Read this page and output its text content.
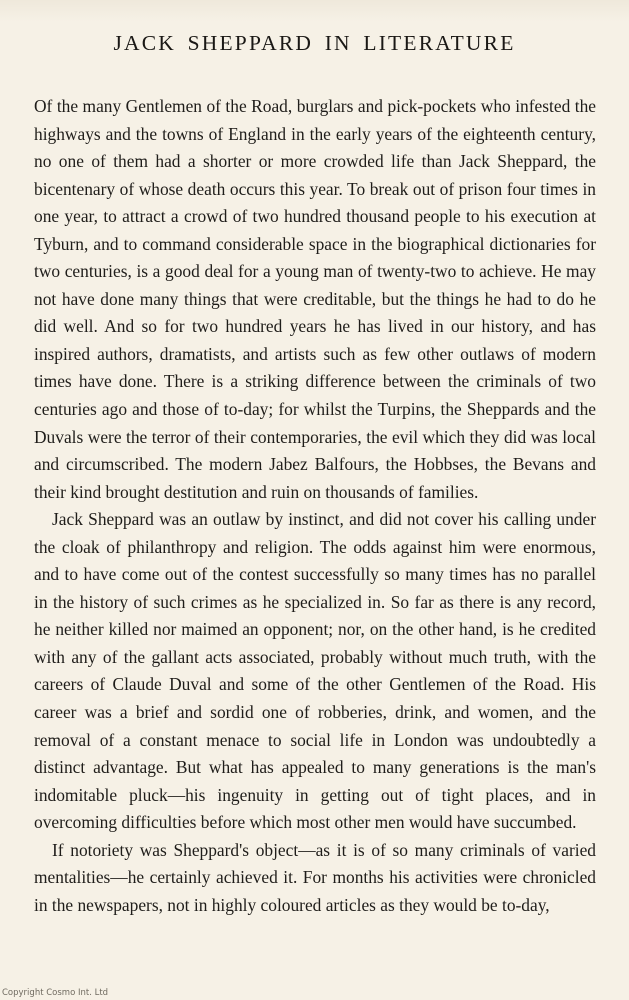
JACK SHEPPARD IN LITERATURE

Of the many Gentlemen of the Road, burglars and pick-pockets who infested the highways and the towns of England in the early years of the eighteenth century, no one of them had a shorter or more crowded life than Jack Sheppard, the bicentenary of whose death occurs this year. To break out of prison four times in one year, to attract a crowd of two hundred thousand people to his execution at Tyburn, and to command considerable space in the biographical dictionaries for two centuries, is a good deal for a young man of twenty-two to achieve. He may not have done many things that were creditable, but the things he had to do he did well. And so for two hundred years he has lived in our history, and has inspired authors, dramatists, and artists such as few other outlaws of modern times have done. There is a striking difference between the criminals of two centuries ago and those of to-day; for whilst the Turpins, the Sheppards and the Duvals were the terror of their contemporaries, the evil which they did was local and circumscribed. The modern Jabez Balfours, the Hobbses, the Bevans and their kind brought destitution and ruin on thousands of families.

Jack Sheppard was an outlaw by instinct, and did not cover his calling under the cloak of philanthropy and religion. The odds against him were enormous, and to have come out of the contest successfully so many times has no parallel in the history of such crimes as he specialized in. So far as there is any record, he neither killed nor maimed an opponent; nor, on the other hand, is he credited with any of the gallant acts associated, probably without much truth, with the careers of Claude Duval and some of the other Gentlemen of the Road. His career was a brief and sordid one of robberies, drink, and women, and the removal of a constant menace to social life in London was undoubtedly a distinct advantage. But what has appealed to many generations is the man's indomitable pluck—his ingenuity in getting out of tight places, and in overcoming difficulties before which most other men would have succumbed.

If notoriety was Sheppard's object—as it is of so many criminals of varied mentalities—he certainly achieved it. For months his activities were chronicled in the newspapers, not in highly coloured articles as they would be to-day,

Copyright Cosmo Int. Ltd
